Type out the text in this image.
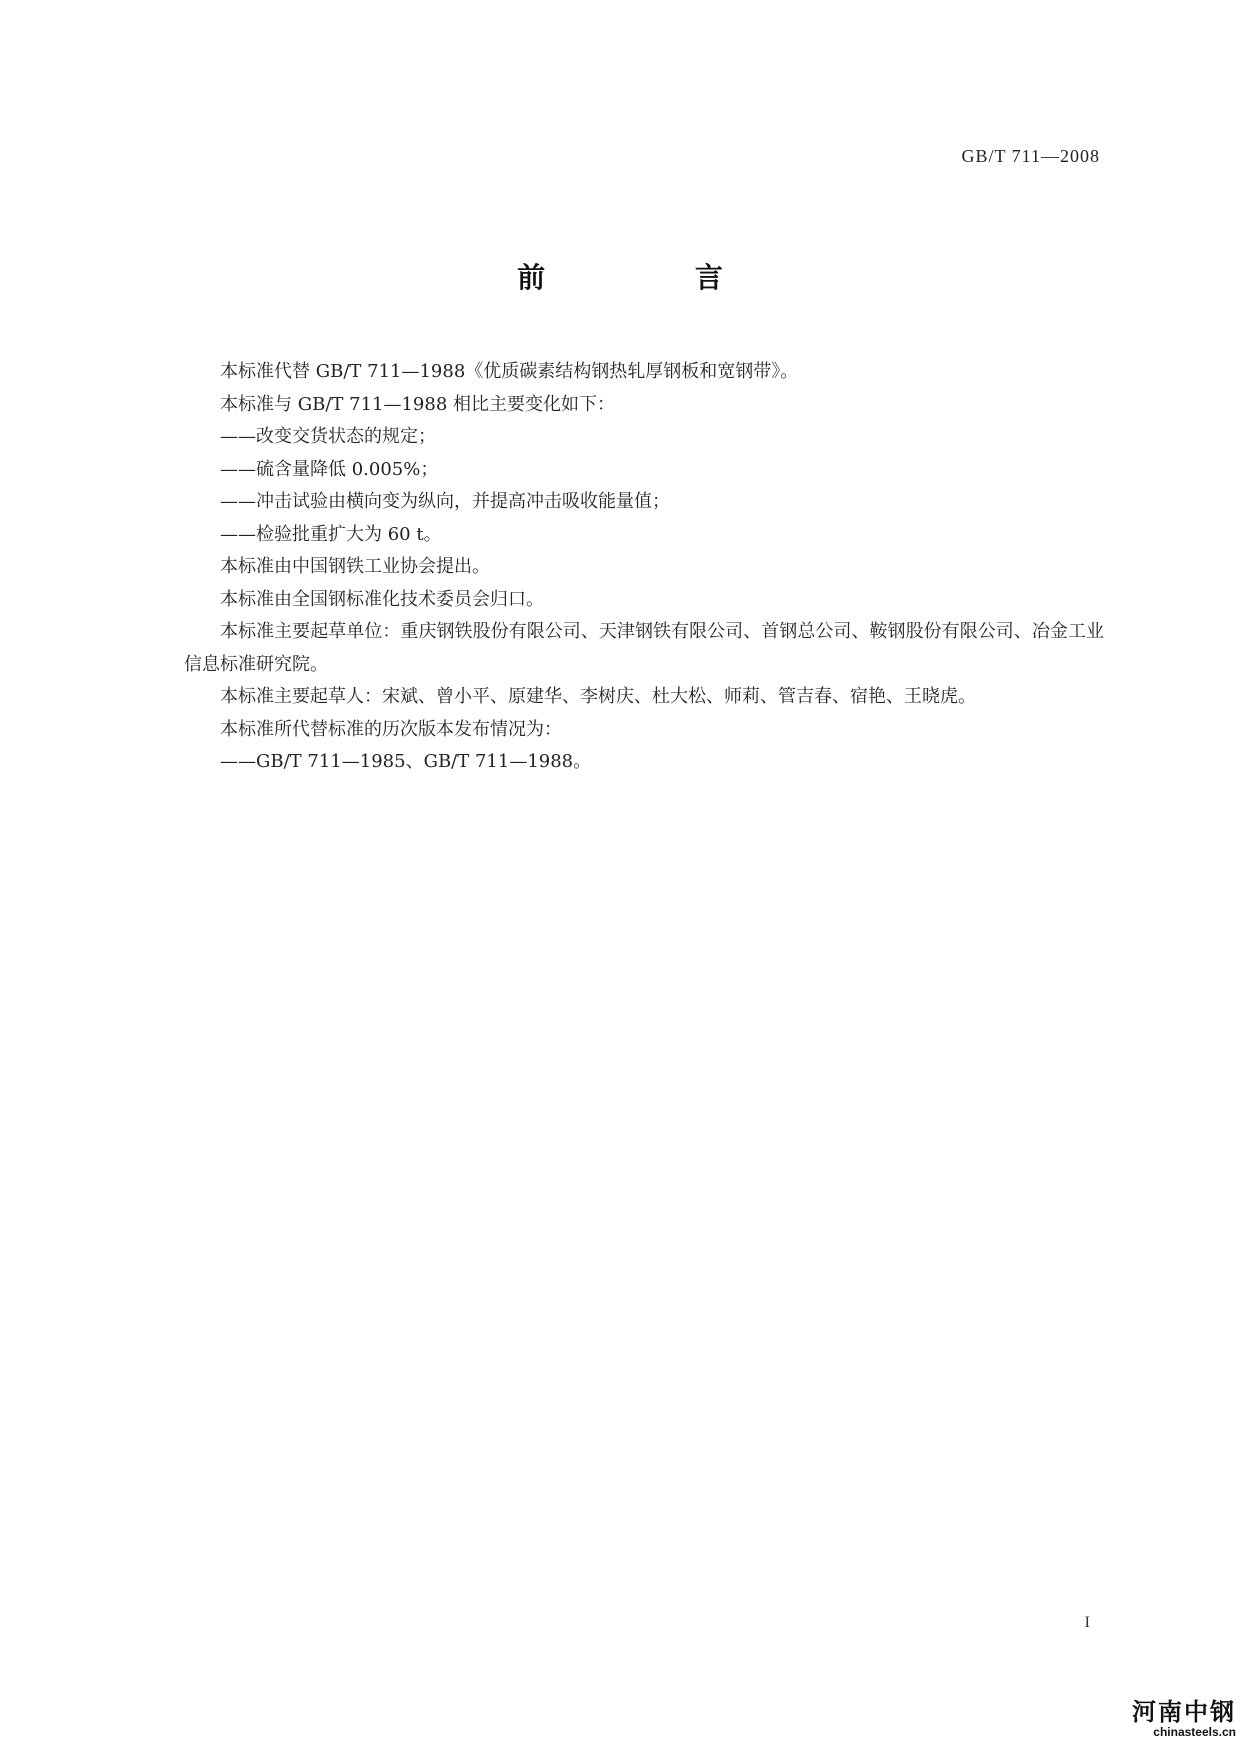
GB/T 711—2008
前 言

本标准代替 GB/T 711—1988《优质碳素结构钢热轧厚钢板和宽钢带》。

本标准与 GB/T 711—1988 相比主要变化如下：

——改变交货状态的规定；

——硫含量降低 0.005%；

——冲击试验由横向变为纵向，并提高冲击吸收能量值；

——检验批重扩大为 60 t。

本标准由中国钢铁工业协会提出。

本标准由全国钢标准化技术委员会归口。

本标准主要起草单位：重庆钢铁股份有限公司、天津钢铁有限公司、首钢总公司、鞍钢股份有限公司、冶金工业信息标准研究院。

本标准主要起草人：宋斌、曾小平、原建华、李树庆、杜大松、师莉、管吉春、宿艳、王晓虎。

本标准所代替标准的历次版本发布情况为：

——GB/T 711—1985、GB/T 711—1988。

I
河南中钢
chinasteels.cn
